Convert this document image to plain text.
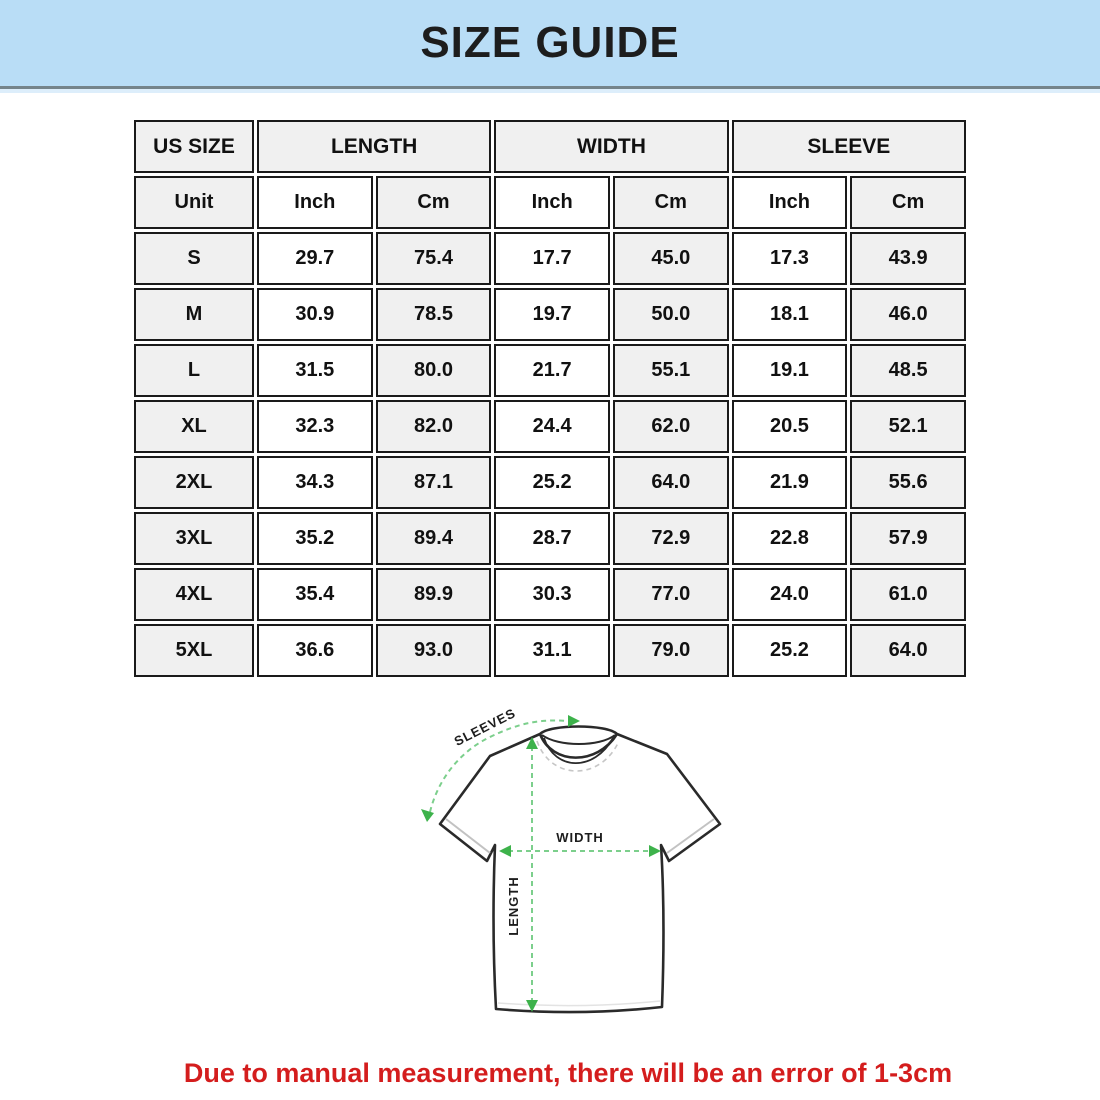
SIZE GUIDE
US SIZE	LENGTH		WIDTH		SLEEVE	
Unit	Inch	Cm	Inch	Cm	Inch	Cm
S	29.7	75.4	17.7	45.0	17.3	43.9
M	30.9	78.5	19.7	50.0	18.1	46.0
L	31.5	80.0	21.7	55.1	19.1	48.5
XL	32.3	82.0	24.4	62.0	20.5	52.1
2XL	34.3	87.1	25.2	64.0	21.9	55.6
3XL	35.2	89.4	28.7	72.9	22.8	57.9
4XL	35.4	89.9	30.3	77.0	24.0	61.0
5XL	36.6	93.0	31.1	79.0	25.2	64.0
LENGTH
WIDTH
SLEEVES
Due to manual measurement, there will be an error of 1-3cm
